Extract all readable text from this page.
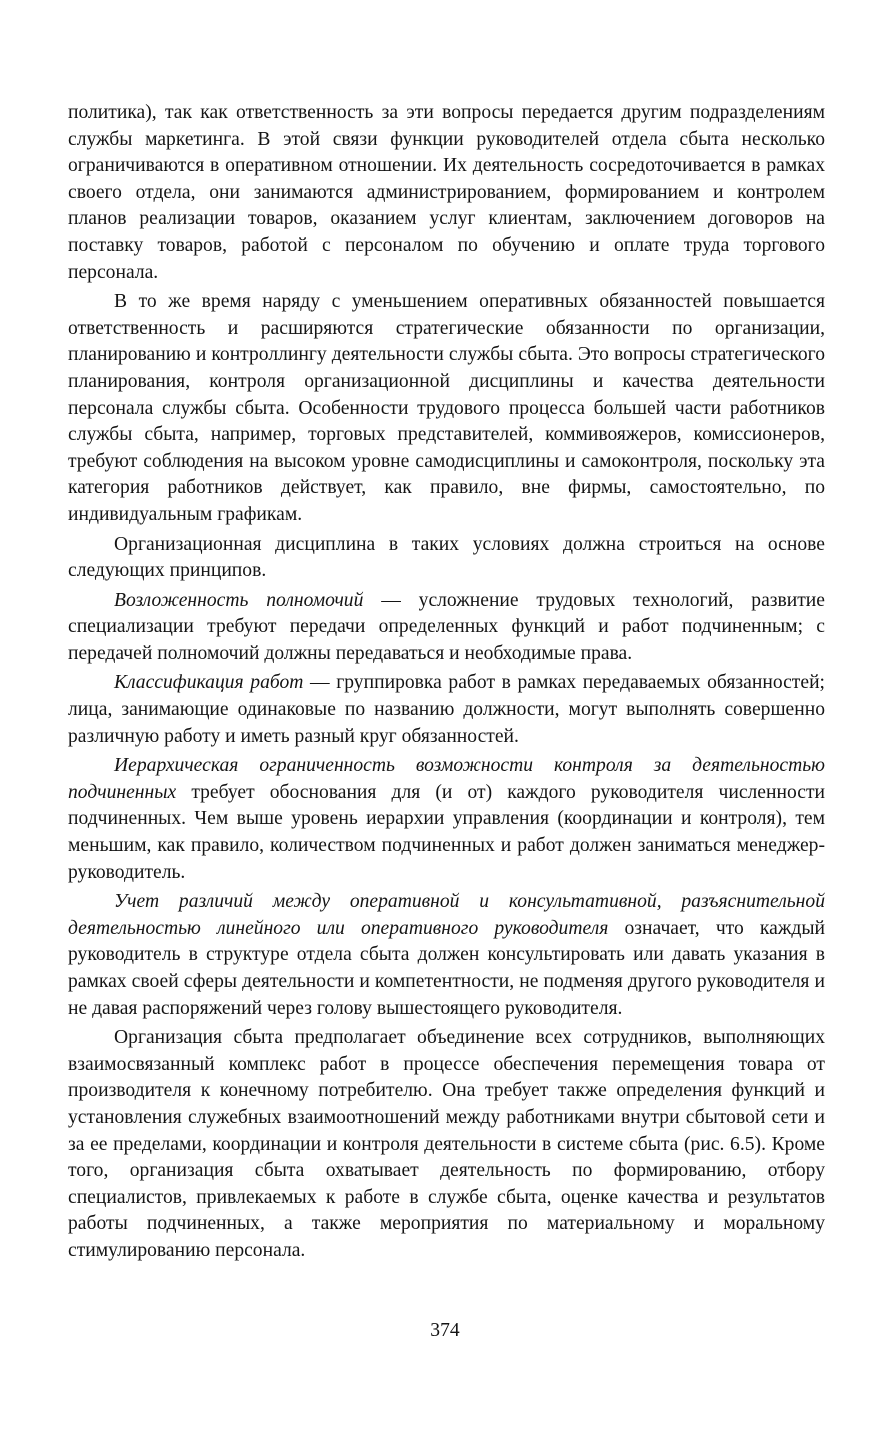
политика), так как ответственность за эти вопросы передается другим подразделениям службы маркетинга. В этой связи функции руководителей отдела сбыта несколько ограничиваются в оперативном отношении. Их деятельность сосредоточивается в рамках своего отдела, они занимаются администрированием, формированием и контролем планов реализации товаров, оказанием услуг клиентам, заключением договоров на поставку товаров, работой с персоналом по обучению и оплате труда торгового персонала.

В то же время наряду с уменьшением оперативных обязанностей повышается ответственность и расширяются стратегические обязанности по организации, планированию и контроллингу деятельности службы сбыта. Это вопросы стратегического планирования, контроля организационной дисциплины и качества деятельности персонала службы сбыта. Особенности трудового процесса большей части работников службы сбыта, например, торговых представителей, коммивояжеров, комиссионеров, требуют соблюдения на высоком уровне самодисциплины и самоконтроля, поскольку эта категория работников действует, как правило, вне фирмы, самостоятельно, по индивидуальным графикам.

Организационная дисциплина в таких условиях должна строиться на основе следующих принципов.

Возложенность полномочий — усложнение трудовых технологий, развитие специализации требуют передачи определенных функций и работ подчиненным; с передачей полномочий должны передаваться и необходимые права.

Классификация работ — группировка работ в рамках передаваемых обязанностей; лица, занимающие одинаковые по названию должности, могут выполнять совершенно различную работу и иметь разный круг обязанностей.

Иерархическая ограниченность возможности контроля за деятельностью подчиненных требует обоснования для (и от) каждого руководителя численности подчиненных. Чем выше уровень иерархии управления (координации и контроля), тем меньшим, как правило, количеством подчиненных и работ должен заниматься менеджер-руководитель.

Учет различий между оперативной и консультативной, разъяснительной деятельностью линейного или оперативного руководителя означает, что каждый руководитель в структуре отдела сбыта должен консультировать или давать указания в рамках своей сферы деятельности и компетентности, не подменяя другого руководителя и не давая распоряжений через голову вышестоящего руководителя.

Организация сбыта предполагает объединение всех сотрудников, выполняющих взаимосвязанный комплекс работ в процессе обеспечения перемещения товара от производителя к конечному потребителю. Она требует также определения функций и установления служебных взаимоотношений между работниками внутри сбытовой сети и за ее пределами, координации и контроля деятельности в системе сбыта (рис. 6.5). Кроме того, организация сбыта охватывает деятельность по формированию, отбору специалистов, привлекаемых к работе в службе сбыта, оценке качества и результатов работы подчиненных, а также мероприятия по материальному и моральному стимулированию персонала.

374
